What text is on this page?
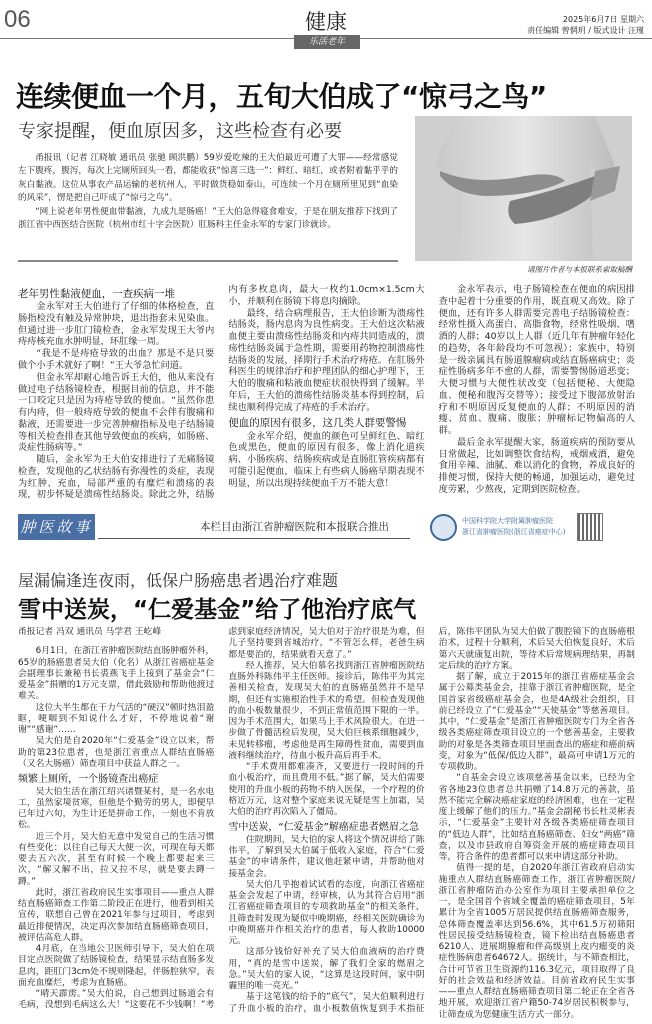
06	健康
乐活老年
2025年6月7日 星期六
责任编辑 曾惘玥 / 版式设计 汪瑾
连续便血一个月，五旬大伯成了“惊弓之鸟”
专家提醒，便血原因多，这些检查有必要

甬报讯（记者 江晓敏 通讯员 张驰 顾洪鹏）59岁爱吃辣的王大伯最近可遭了大罪——经常感觉左下腹疼，腹泻，每次上完厕所回头一看，都能收获“惊喜三选一”：鲜红、暗红，或者附着黏乎乎的灰白黏液。这位从事农产品运输的老杭州人，平时做货稳如泰山，可连续一个月在厕所里见到“血染的风采”，愣是把自己吓成了“惊弓之鸟”。

“网上说老年男性便血带黏液，九成九是肠癌！”王大伯急得寝食难安，于是在朋友推荐下找到了浙江省中西医结合医院（杭州市红十字会医院）肛肠科主任金永军的专家门诊就诊。

请图片作者与本报联系索取稿酬
老年男性黏液便血，一查疾病一堆

金永军对王大伯进行了仔细的体格检查，直肠指检没有触及异常肿块，退出指套未见染血。但通过进一步肛门镜检查，金永军发现王大爷内痔痔核充血水肿明显，环肛缘一周。

“我是不是痔疮导致的出血？那是不是只要做个小手术就好了啊！”王大爷急忙问道。

但金永军却耐心地告诉王大伯，他从来没有做过电子结肠镜检查，根据目前的信息，并不能一口咬定只是因为痔疮导致的便血。“虽然你患有内痔，但一般痔疮导致的便血不会伴有腹痛和黏液，还需要进一步完善肿瘤指标及电子结肠镜等相关检查排查其他导致便血的疾病，如肠癌、炎症性肠病等。”

随后，金永军为王大伯安排进行了无痛肠镜检查，发现他的乙状结肠有弥漫性的炎症，表现为红肿、充血，局部严重的有糜烂和溃疡的表现，初步怀疑是溃疡性结肠炎。除此之外，结肠内有多枚息肉，最大一枚约1.0cm×1.5cm大小，并顺利在肠镜下将息肉摘除。

最终，结合病理报告，王大伯诊断为溃疡性结肠炎，肠内息肉为良性病变。王大伯这次粘液血便主要由溃疡性结肠炎和内痔共同造成的，溃疡性结肠炎属于急性期，需要用药物控制溃疡性结肠炎的发展，择期行手术治疗痔疮。在肛肠外科医生的规律治疗和护理团队的细心护理下，王大伯的腹痛和粘液血便症状很快得到了缓解。半年后，王大伯的溃疡性结肠炎基本得到控制，后续也顺利得完成了痔疮的手术治疗。

便血的原因有很多，这几类人群要警惕

金永军介绍，便血的颜色可呈鲜红色、暗红色或黑色，便血的原因有很多，像上消化道疾病、小肠疾病、结肠疾病或是直肠肛管疾病都有可能引起便血，临床上有些病人肠癌早期表现不明显，所以出现持续便血千万不能大意！

金永军表示，电子肠镜检查在便血的病因排查中起着十分重要的作用，既直观又高效。除了便血，还有许多人群需要完善电子结肠镜检查：经常性摄入高蛋白、高脂食物，经常性吸烟、嗜酒的人群；40岁以上人群（近几年有肿瘤年轻化的趋势，各年龄段均不可忽视）；家族中，特别是一级亲属具有肠道腺瘤病或结直肠癌病史；炎症性肠病多年不愈的人群，需要警惕肠道恶变；大便习惯与大便性状改变（包括便秘、大便隐血、便秘和腹泻交替等）；接受过下腹部放射治疗和不明原因反复便血的人群；不明原因的消瘦、贫血、腹痛、腹胀；肿瘤标记物偏高的人群。

最后金永军提醒大家，肠道疾病的预防要从日常做起，比如调整饮食结构，戒烟戒酒，避免食用辛辣、油腻、难以消化的食物，养成良好的排便习惯，保持大便的畅通，加强运动，避免过度劳累，少熬夜，定期到医院检查。

肿医故事	本栏目由浙江省肿瘤医院和本报联合推出	中国科学院大学附属肿瘤医院
浙江省肿瘤医院(浙江省癌症中心)
屋漏偏逢连夜雨，低保户肠癌患者遇治疗难题
雪中送炭，“仁爱基金”给了他治疗底气

甬报记者 冯双 通讯员 马学君 王屹峰

6月1日，在浙江省肿瘤医院结直肠肿瘤外科，65岁的肠癌患者吴大伯（化名）从浙江省癌症基金会副理事长兼秘书长裘燕飞手上接到了基金会“仁爱基金”捐赠的1万元支票，借此鼓励和帮助他渡过难关。

这位大半生都在干力气活的“硬汉”顿时热泪盈眶，哽咽到不知说什么才好，不停地说着“谢谢”“感谢”……

吴大伯是自2020年“仁爱基金”设立以来，帮助的第23位患者，也是浙江省重点人群结直肠癌（又名大肠癌）筛查项目中获益人群之一。

频繁上厕所，一个肠镜查出癌症

吴大伯生活在浙江绍兴诸暨某村，是一名水电工，虽然家境贫寒，但他是个勤劳的男人，即便早已年过六旬，为生计还是拼命工作，一刻也不肯放松。

近三个月，吴大伯无意中发觉自己的生活习惯有些变化：以往自己每天大便一次，可现在每天都要去五六次，甚至有时候一个晚上都要起来三次，“解又解不出，拉又拉不尽，就是要去蹲一蹲。”

此时，浙江省政府民生实事项目——重点人群结直肠癌筛查工作第二阶段正在进行，他看到相关宣传，联想自己曾在2021年参与过项目，考虑到最近排便情况，决定再次参加结直肠癌筛查项目，被评估高危人群。

4月底，在当地公卫医师引导下，吴大伯在项目定点医院做了结肠镜检查，结果显示结直肠多发息肉，距肛门3cm处不规则隆起，伴肠腔狭窄，表面充血糜烂，考虑为直肠癌。

“晴天霹雳。”吴大伯说，自己想到过肠道会有毛病，没想到毛病这么大！“这要花不少钱啊！”考虑到家庭经济情况，吴大伯对于治疗很是为难，但儿子坚持要到省城治疗，“不管怎么样，老爸生病都是要治的，结果就看天意了。”

经人推荐，吴大伯慕名找到浙江省肿瘤医院结直肠外科陈伟平主任医师。接诊后，陈伟平为其完善相关检查，发现吴大伯的直肠癌虽然并不是早期，但还有实施根治性手术的希望。但检查发现他的血小板数量很少，不到正常值范围下限的一半。因为手术范围大，如果马上手术风险很大。在进一步做了骨髓活检后发现，吴大伯巨核系细胞减少，未见转移瘤，考虑他是再生障碍性贫血，需要到血液科继续治疗，待血小板升高后再手术。

“手术费用都难凑齐，又要进行一段时间的升血小板治疗，而且费用不低。”据了解，吴大伯需要使用的升血小板的药物不纳入医保，一个疗程的价格近万元，这对整个家庭来说无疑是雪上加霜，吴大伯的治疗再次陷入了僵局。

雪中送炭，“仁爱基金”解癌症患者燃眉之急

住院期间，吴大伯的家人将这个情况讲给了陈伟平，了解到吴大伯属于低收入家庭，符合“仁爱基金”的申请条件，建议他赶紧申请，并帮助他对接基金会。

吴大伯几乎抱着试试看的态度，向浙江省癌症基金会发起了申请，经审核，认为其符合启用“浙江省癌症筛查项目的专项救助基金”的相关条件，且筛查时发现为疑似中晚期癌，经相关医院确诊为中晚期癌并作相关治疗的患者，每人救助10000元。

这部分钱恰好补充了吴大伯血液病的治疗费用，“真的是雪中送炭，解了我们全家的燃眉之急。”吴大伯的家人说，“这算是这段时间，家中阴霾里的唯一亮光。”

基于这笔钱的给予的“底气”，吴大伯顺利进行了升血小板的治疗，血小板数值恢复到手术指征后，陈伟平团队为吴大伯做了腹腔镜下的直肠癌根治术，过程十分顺利，术后吴大伯恢复良好，术后第六天就康复出院，等待术后常规病理结果，再制定后续的治疗方案。

据了解，成立于2015年的浙江省癌症基金会属于公募类基金会，挂靠于浙江省肿瘤医院，是全国首家省级癌症基金会，也是4A级社会组织，目前已经设立了“仁爱基金”“天使基金”等慈善项目。其中，“仁爱基金”是浙江省肿瘤医院专门为全省各级各类癌症筛查项目设立的一个慈善基金，主要救助的对象是各类筛查项目里面查出的癌症和癌前病变，对象为“低保/低边人群”，最高可申请1万元的专项救助。

“自基金会设立该项慈善基金以来，已经为全省各地23位患者总共捐赠了14.8万元的善款，虽然不能完全解决癌症家庭的经济困难，也在一定程度上缓解了他们的压力。”基金会副秘书长杜灵彬表示，“仁爱基金”主要针对各级各类癌症筛查项目的“低边人群”，比如结直肠癌筛查、妇女“两癌”筛查，以及市县政府自筹资金开展的癌症筛查项目等，符合条件的患者都可以来申请这部分补助。

值得一提的是，自2020年浙江省政府启动实施重点人群结直肠癌筛查工作，浙江省肿瘤医院/浙江省肿瘤防治办公室作为项目主要承担单位之一，是全国首个省域全覆盖的癌症筛查项目，5年累计为全省1005万居民提供结直肠癌筛查服务，总体筛查覆盖率达到56.6%，其中61.5万初筛阳性居民接受结肠镜检查，镜下检出结直肠癌患者6210人、进展期腺瘤和伴高级别上皮内瘤变的炎症性肠病患者64672人。据统计，与不筛查相比，合计可节省卫生资源约116.3亿元，项目取得了良好的社会效益和经济效益。目前省政府民生实事——重点人群结直肠癌筛查项目第二轮正在全省各地开展，欢迎浙江省户籍50-74岁居民积极参与，让筛查成为您健康生活方式一部分。
